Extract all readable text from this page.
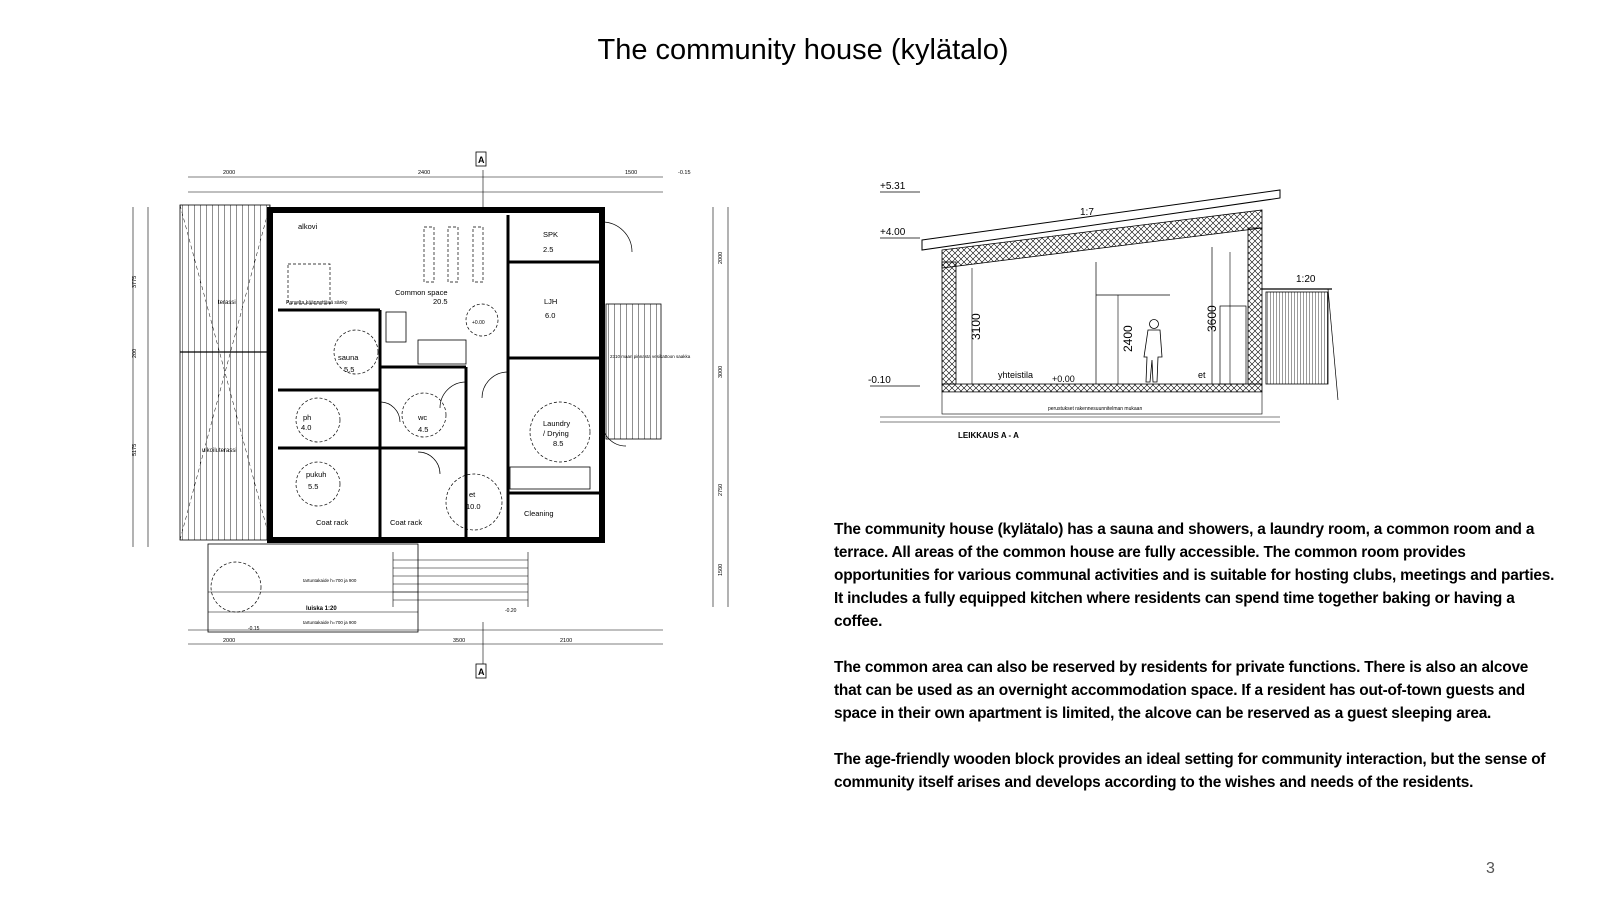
The community house (kylätalo)
2000	2400	1500	-0.15
2000	3500	2100
3775
200
5175
2000
3000
2750
1500
A
A
alkovi
Parvelta käännettävä sänky
Common space
20.5
SPK
2.5
LJH
6.0
sauna
5.5
ph
4.0
wc
4.5
pukuh
5.5
Laundry
/ Drying
8.5
et
10.0
Cleaning
Coat rack	Coat rack
terassi
ulkoiluterassi
+0.00
luiska 1:20
2310 maan pinnasta vesikattoon saakka
tartuntakaide h=700 ja 900
tartuntakaide h=700 ja 900
-0.15
-0.20
+5.31
+4.00
-0.10
1:7
3100	2400
3600
yhteistila +0.00	et
perustukset rakennesuunnitelman mukaan
1:20
LEIKKAUS A - A

The community house (kylätalo) has a sauna and showers, a laundry room, a common room and a terrace. All areas of the common house are fully accessible. The common room provides opportunities for various communal activities and is suitable for hosting clubs, meetings and parties. It includes a fully equipped kitchen where residents can spend time together baking or having a coffee.

The common area can also be reserved by residents for private functions. There is also an alcove that can be used as an overnight accommodation space. If a resident has out-of-town guests and space in their own apartment is limited, the alcove can be reserved as a guest sleeping area.

The age-friendly wooden block provides an ideal setting for community interaction, but the sense of community itself arises and develops according to the wishes and needs of the residents.

3
